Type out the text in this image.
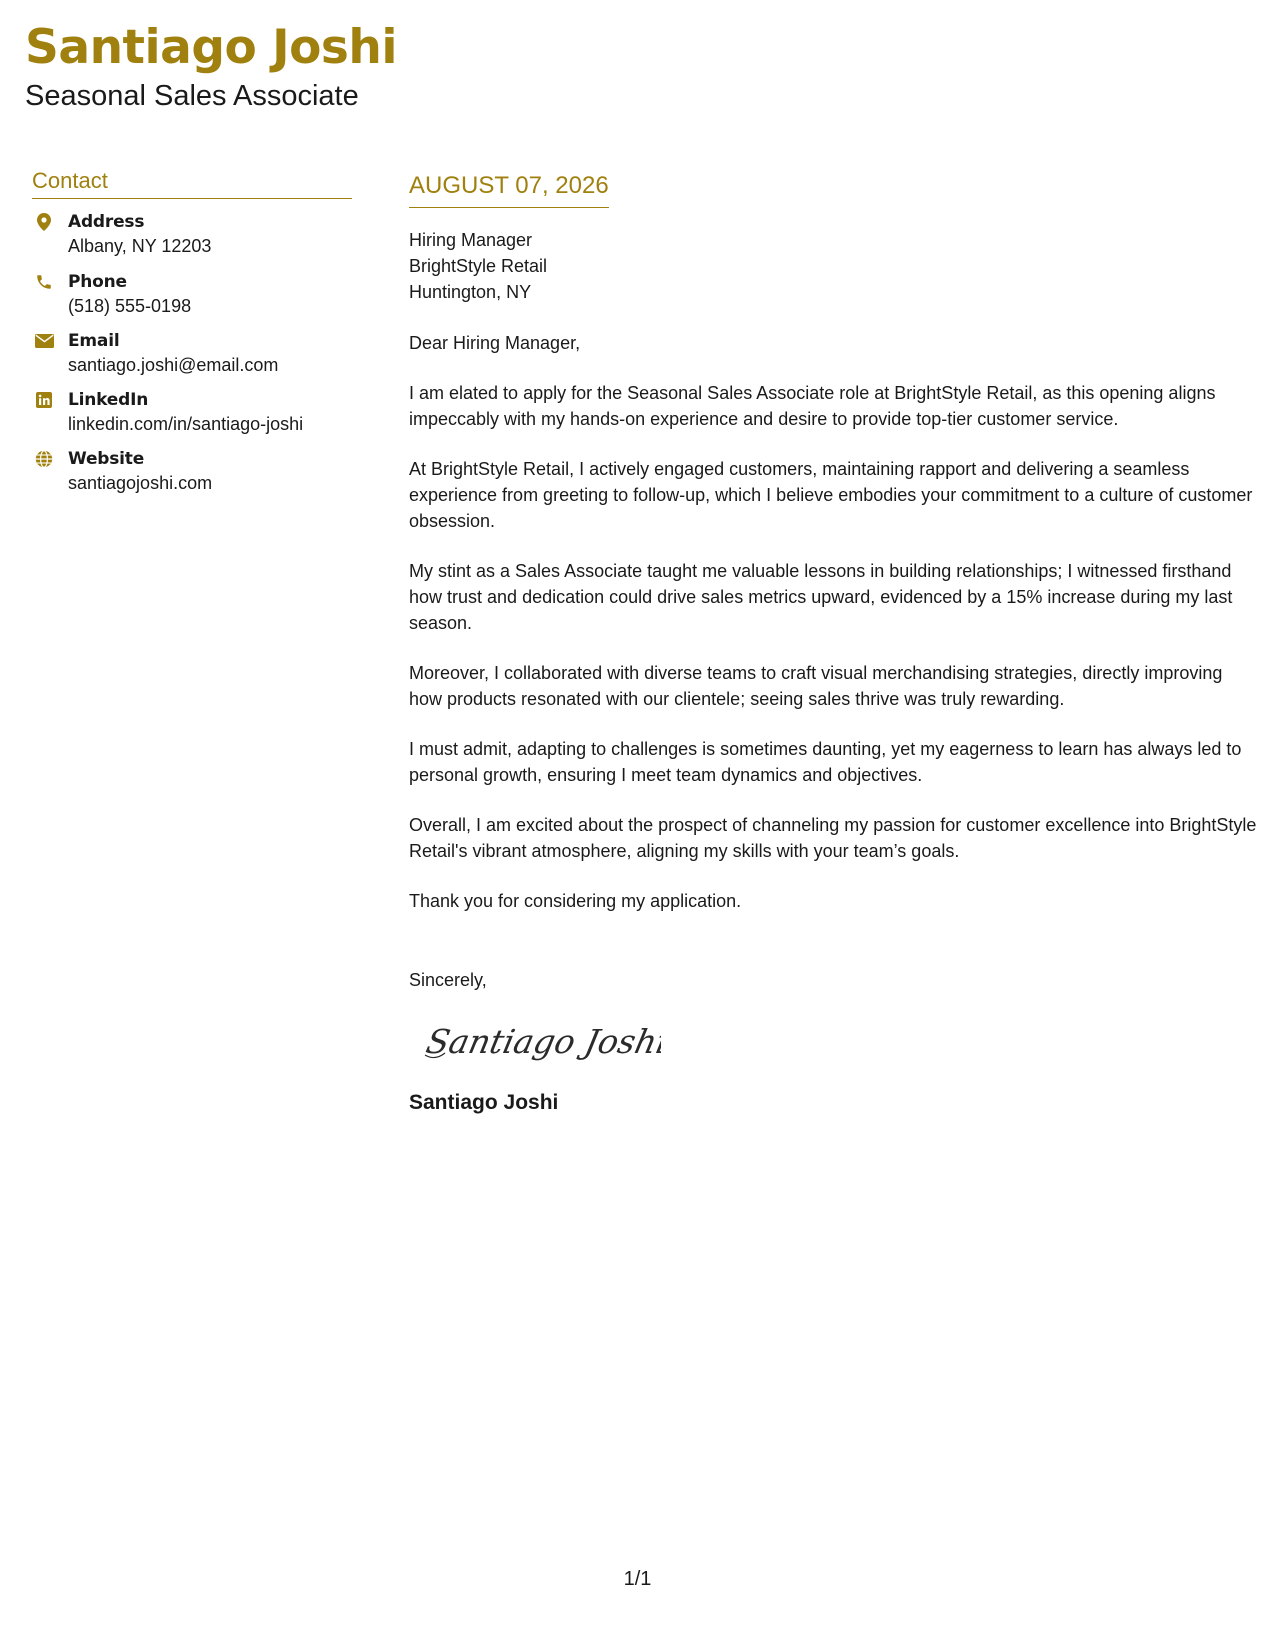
Santiago Joshi
Seasonal Sales Associate
Contact
Address
Albany, NY 12203
Phone
(518) 555-0198
Email
santiago.joshi@email.com
LinkedIn
linkedin.com/in/santiago-joshi
Website
santiagojoshi.com
AUGUST 07, 2026
Hiring Manager
BrightStyle Retail
Huntington, NY
Dear Hiring Manager,
I am elated to apply for the Seasonal Sales Associate role at BrightStyle Retail, as this opening aligns impeccably with my hands-on experience and desire to provide top-tier customer service.
At BrightStyle Retail, I actively engaged customers, maintaining rapport and delivering a seamless experience from greeting to follow-up, which I believe embodies your commitment to a culture of customer obsession.
My stint as a Sales Associate taught me valuable lessons in building relationships; I witnessed firsthand how trust and dedication could drive sales metrics upward, evidenced by a 15% increase during my last season.
Moreover, I collaborated with diverse teams to craft visual merchandising strategies, directly improving how products resonated with our clientele; seeing sales thrive was truly rewarding.
I must admit, adapting to challenges is sometimes daunting, yet my eagerness to learn has always led to personal growth, ensuring I meet team dynamics and objectives.
Overall, I am excited about the prospect of channeling my passion for customer excellence into BrightStyle Retail's vibrant atmosphere, aligning my skills with your team’s goals.
Thank you for considering my application.
Sincerely,
Santiago Joshi
Santiago Joshi
1/1
